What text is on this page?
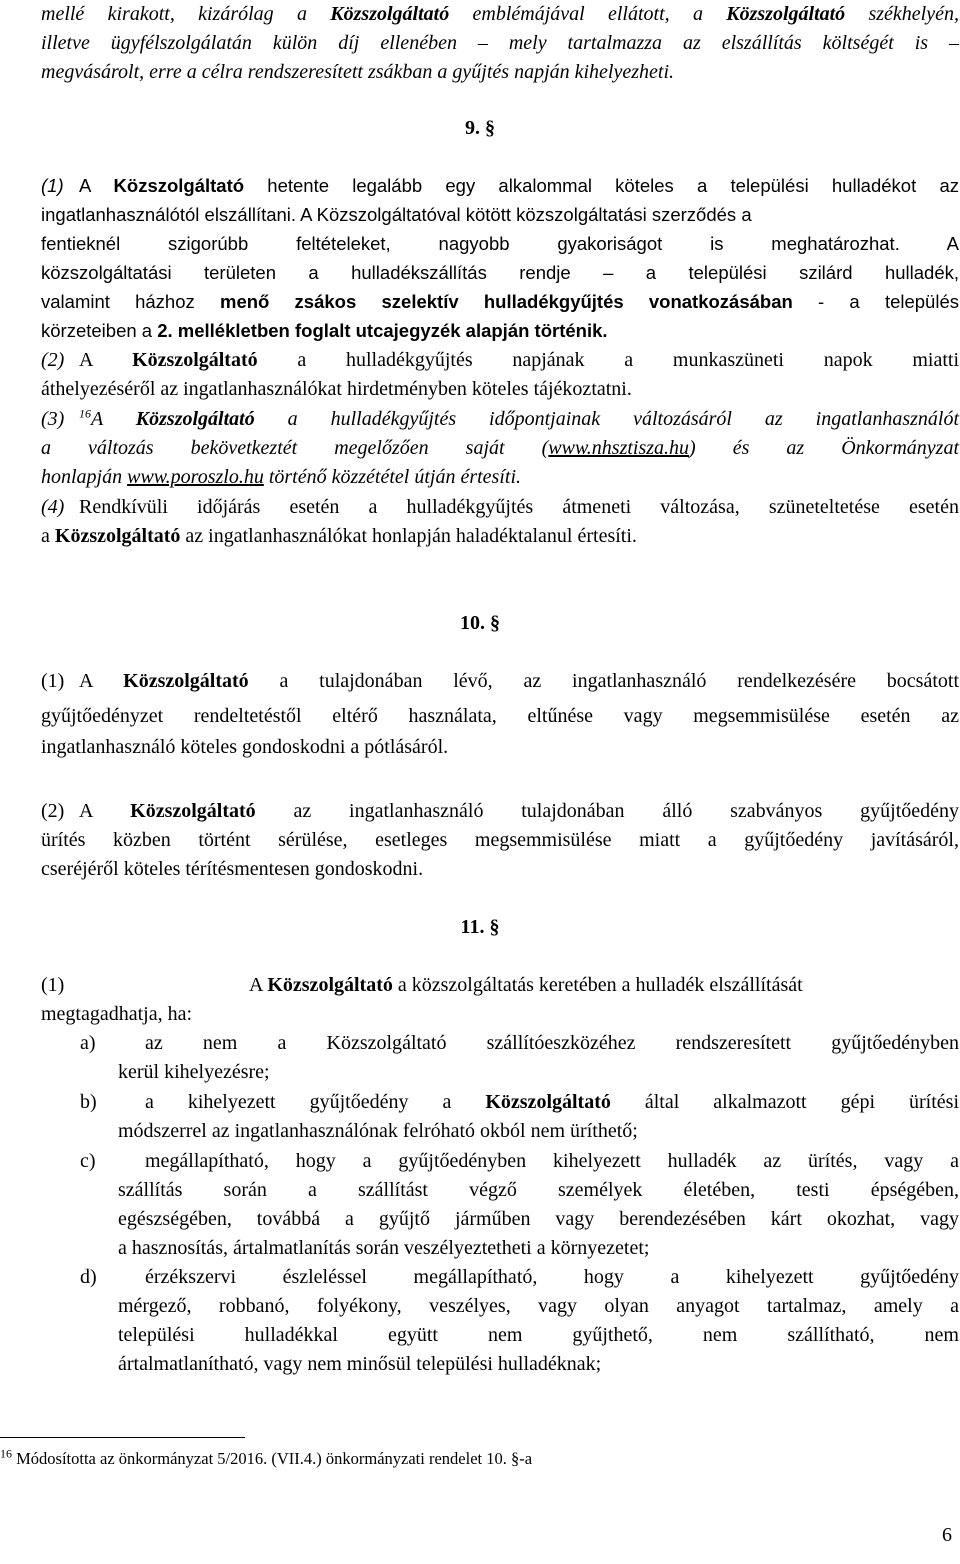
mellé kirakott, kizárólag a Közszolgáltató emblémájával ellátott, a Közszolgáltató székhelyén,
illetve ügyfélszolgálatán külön díj ellenében – mely tartalmazza az elszállítás költségét is –
megvásárolt, erre a célra rendszeresített zsákban a gyűjtés napján kihelyezheti.
9. §
(1) A Közszolgáltató hetente legalább egy alkalommal köteles a települési hulladékot az
ingatlanhasználótól elszállítani. A Közszolgáltatóval kötött közszolgáltatási szerződés a
fentieknél szigorúbb feltételeket, nagyobb gyakoriságot is meghatározhat. A
közszolgáltatási területen a hulladékszállítás rendje – a települési szilárd hulladék,
valamint házhoz menő zsákos szelektív hulladékgyűjtés vonatkozásában - a település
körzeteiben a 2. mellékletben foglalt utcajegyzék alapján történik.
(2) A Közszolgáltató a hulladékgyűjtés napjának a munkaszüneti napok miatti
áthelyezéséről az ingatlanhasználókat hirdetményben köteles tájékoztatni.
(3) $^{16}$A Közszolgáltató a hulladékgyűjtés időpontjainak változásáról az ingatlanhasználót
a változás bekövetkeztét megelőzően saját (www.nhsztisza.hu) és az Önkormányzat
honlapján www.poroszlo.hu történő közzététel útján értesíti.
(4) Rendkívüli időjárás esetén a hulladékgyűjtés átmeneti változása, szüneteltetése esetén
a Közszolgáltató az ingatlanhasználókat honlapján haladéktalanul értesíti.
10. §
(1) A Közszolgáltató a tulajdonában lévő, az ingatlanhasználó rendelkezésére bocsátott
gyűjtőedényzet rendeltetéstől eltérő használata, eltűnése vagy megsemmisülése esetén az
ingatlanhasználó köteles gondoskodni a pótlásáról.
(2) A Közszolgáltató az ingatlanhasználó tulajdonában álló szabványos gyűjtőedény
ürítés közben történt sérülése, esetleges megsemmisülése miatt a gyűjtőedény javításáról,
cseréjéről köteles térítésmentesen gondoskodni.
11. §
(1)	A Közszolgáltató a közszolgáltatás keretében a hulladék elszállítását
megtagadhatja, ha:
a) az nem a Közszolgáltató szállítóeszközéhez rendszeresített gyűjtőedényben
kerül kihelyezésre;
b) a kihelyezett gyűjtőedény a Közszolgáltató által alkalmazott gépi ürítési
módszerrel az ingatlanhasználónak felróható okból nem üríthető;
c) megállapítható, hogy a gyűjtőedényben kihelyezett hulladék az ürítés, vagy a
szállítás során a szállítást végző személyek életében, testi épségében,
egészségében, továbbá a gyűjtő járműben vagy berendezésében kárt okozhat, vagy
a hasznosítás, ártalmatlanítás során veszélyeztetheti a környezetet;
d) érzékszervi észleléssel megállapítható, hogy a kihelyezett gyűjtőedény
mérgező, robbanó, folyékony, veszélyes, vagy olyan anyagot tartalmaz, amely a
települési hulladékkal együtt nem gyűjthető, nem szállítható, nem
ártalmatlanítható, vagy nem minősül települési hulladéknak;
$^{16}$ Módosította az önkormányzat 5/2016. (VII.4.) önkormányzati rendelet 10. §-a
6
